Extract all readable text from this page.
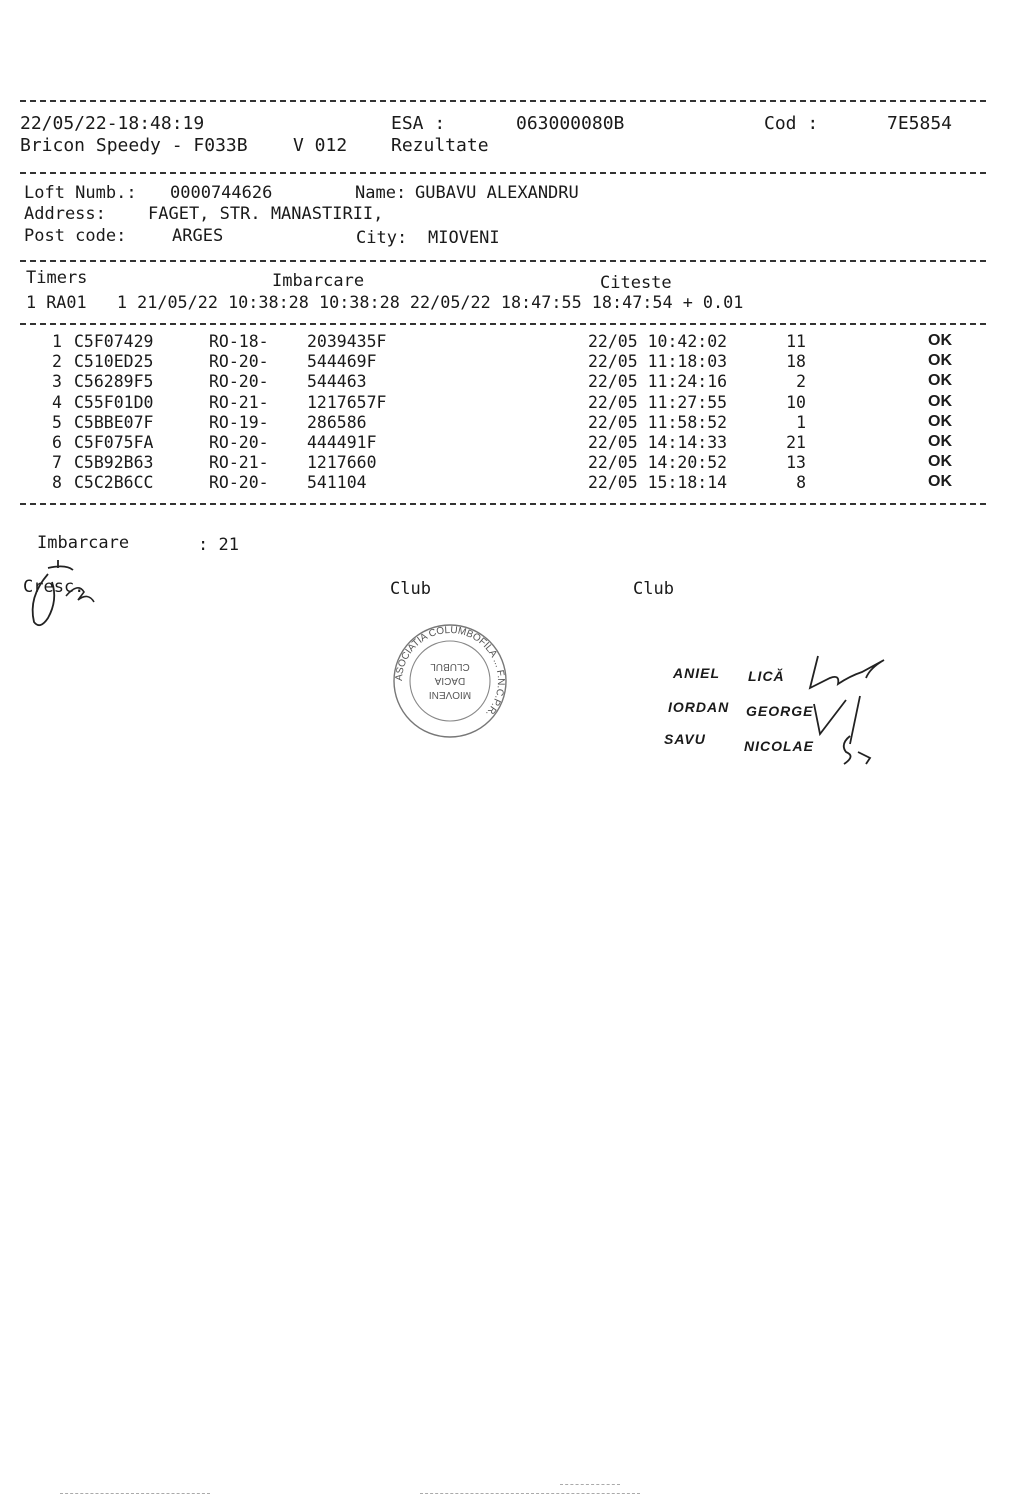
22/05/22-18:48:19	ESA :	063000080B	Cod :	7E5854
Bricon Speedy - F033B	V 012 Rezultate
Loft Numb.: 0000744626	Name: GUBAVU ALEXANDRU
Address: FAGET, STR. MANASTIRII,
Post code:	ARGES	City: MIOVENI
Timers	Imbarcare	Citeste
1 RA01   1 21/05/22 10:38:28 10:38:28 22/05/22 18:47:55 18:47:54 + 0.01
1 C5F07429	RO-18- 2039435F	22/05 10:42:02	11	OK
2 C510ED25	RO-20- 544469F	22/05 11:18:03	18	OK
3 C56289F5	RO-20- 544463	22/05 11:24:16	2	OK
4 C55F01D0	RO-21- 1217657F	22/05 11:27:55	10	OK
5 C5BBE07F	RO-19- 286586	22/05 11:58:52	1	OK
6 C5F075FA	RO-20- 444491F	22/05 14:14:33	21	OK
7 C5B92B63	RO-21- 1217660	22/05 14:20:52	13	OK
8 C5C2B6CC	RO-20- 541104	22/05 15:18:14	8	OK
Imbarcare	: 21
Cresc.	Club	Club
ASOCIATIA COLUMBOFILA ... F.N.C.P.R.
MIOVENI
DACIA
CLUBUL	ANIEL LICĂ
IORDAN GEORGE
SAVU	NICOLAE
